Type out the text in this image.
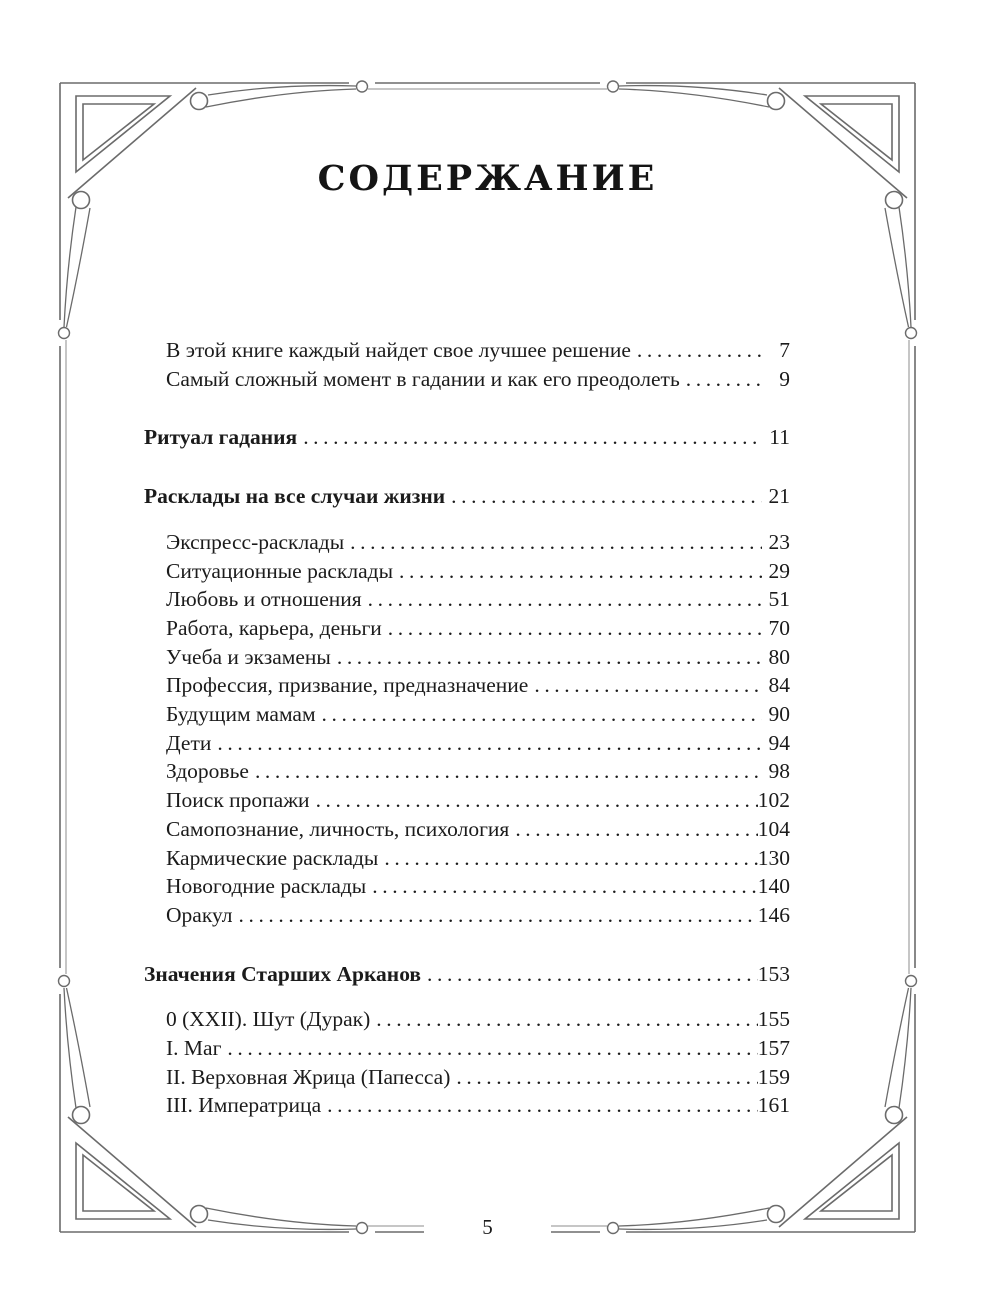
СОДЕРЖАНИЕ
В этой книге каждый найдет свое лучшее решение .....	7
Самый сложный момент в гадании и как его преодолеть .....	9
Ритуал гадания .....	11
Расклады на все случаи жизни .....	21
Экспресс-расклады .....	23
Ситуационные расклады .....	29
Любовь и отношения .....	51
Работа, карьера, деньги .....	70
Учеба и экзамены .....	80
Профессия, призвание, предназначение .....	84
Будущим мамам .....	90
Дети .....	94
Здоровье .....	98
Поиск пропажи .....	102
Самопознание, личность, психология .....	104
Кармические расклады .....	130
Новогодние расклады .....	140
Оракул .....	146
Значения Старших Арканов .....	153
0 (XXII). Шут (Дурак) .....	155
I. Маг .....	157
II. Верховная Жрица (Папесса) .....	159
III. Императрица .....	161
5
